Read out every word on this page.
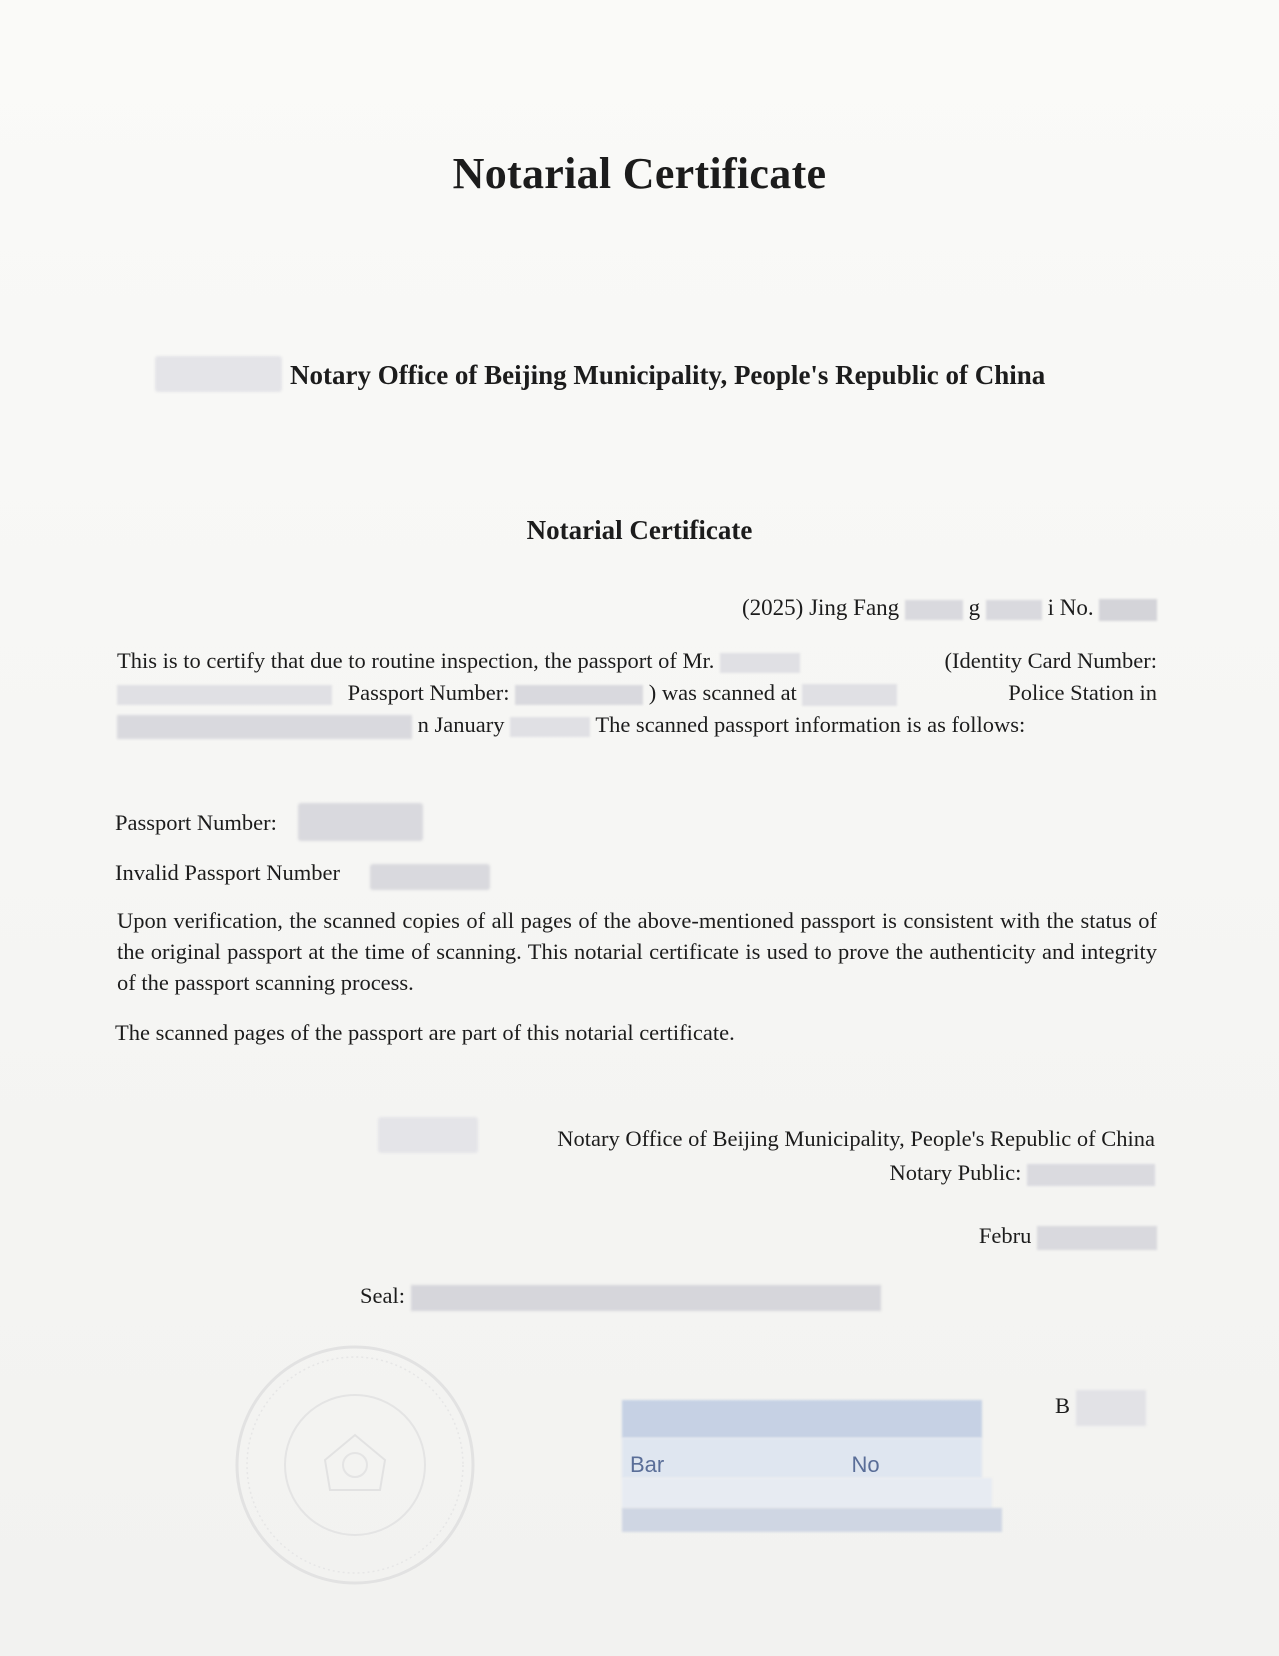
Notarial Certificate
Notary Office of Beijing Municipality, People's Republic of China
Notarial Certificate
(2025) Jing Fang	g	i No.
This is to certify that due to routine inspection, the passport of Mr.	(Identity Card Number:
Passport Number:	) was scanned at	Police Station in
n January	The scanned passport information is as follows:
Passport Number:
Invalid Passport Number
Upon verification, the scanned copies of all pages of the above-mentioned passport is consistent with the status of the original passport at the time of scanning. This notarial certificate is used to prove the authenticity and integrity of the passport scanning process.
The scanned pages of the passport are part of this notarial certificate.
Notary Office of Beijing Municipality, People's Republic of China
Notary Public:
Febru
Seal:
B
Bar	No
